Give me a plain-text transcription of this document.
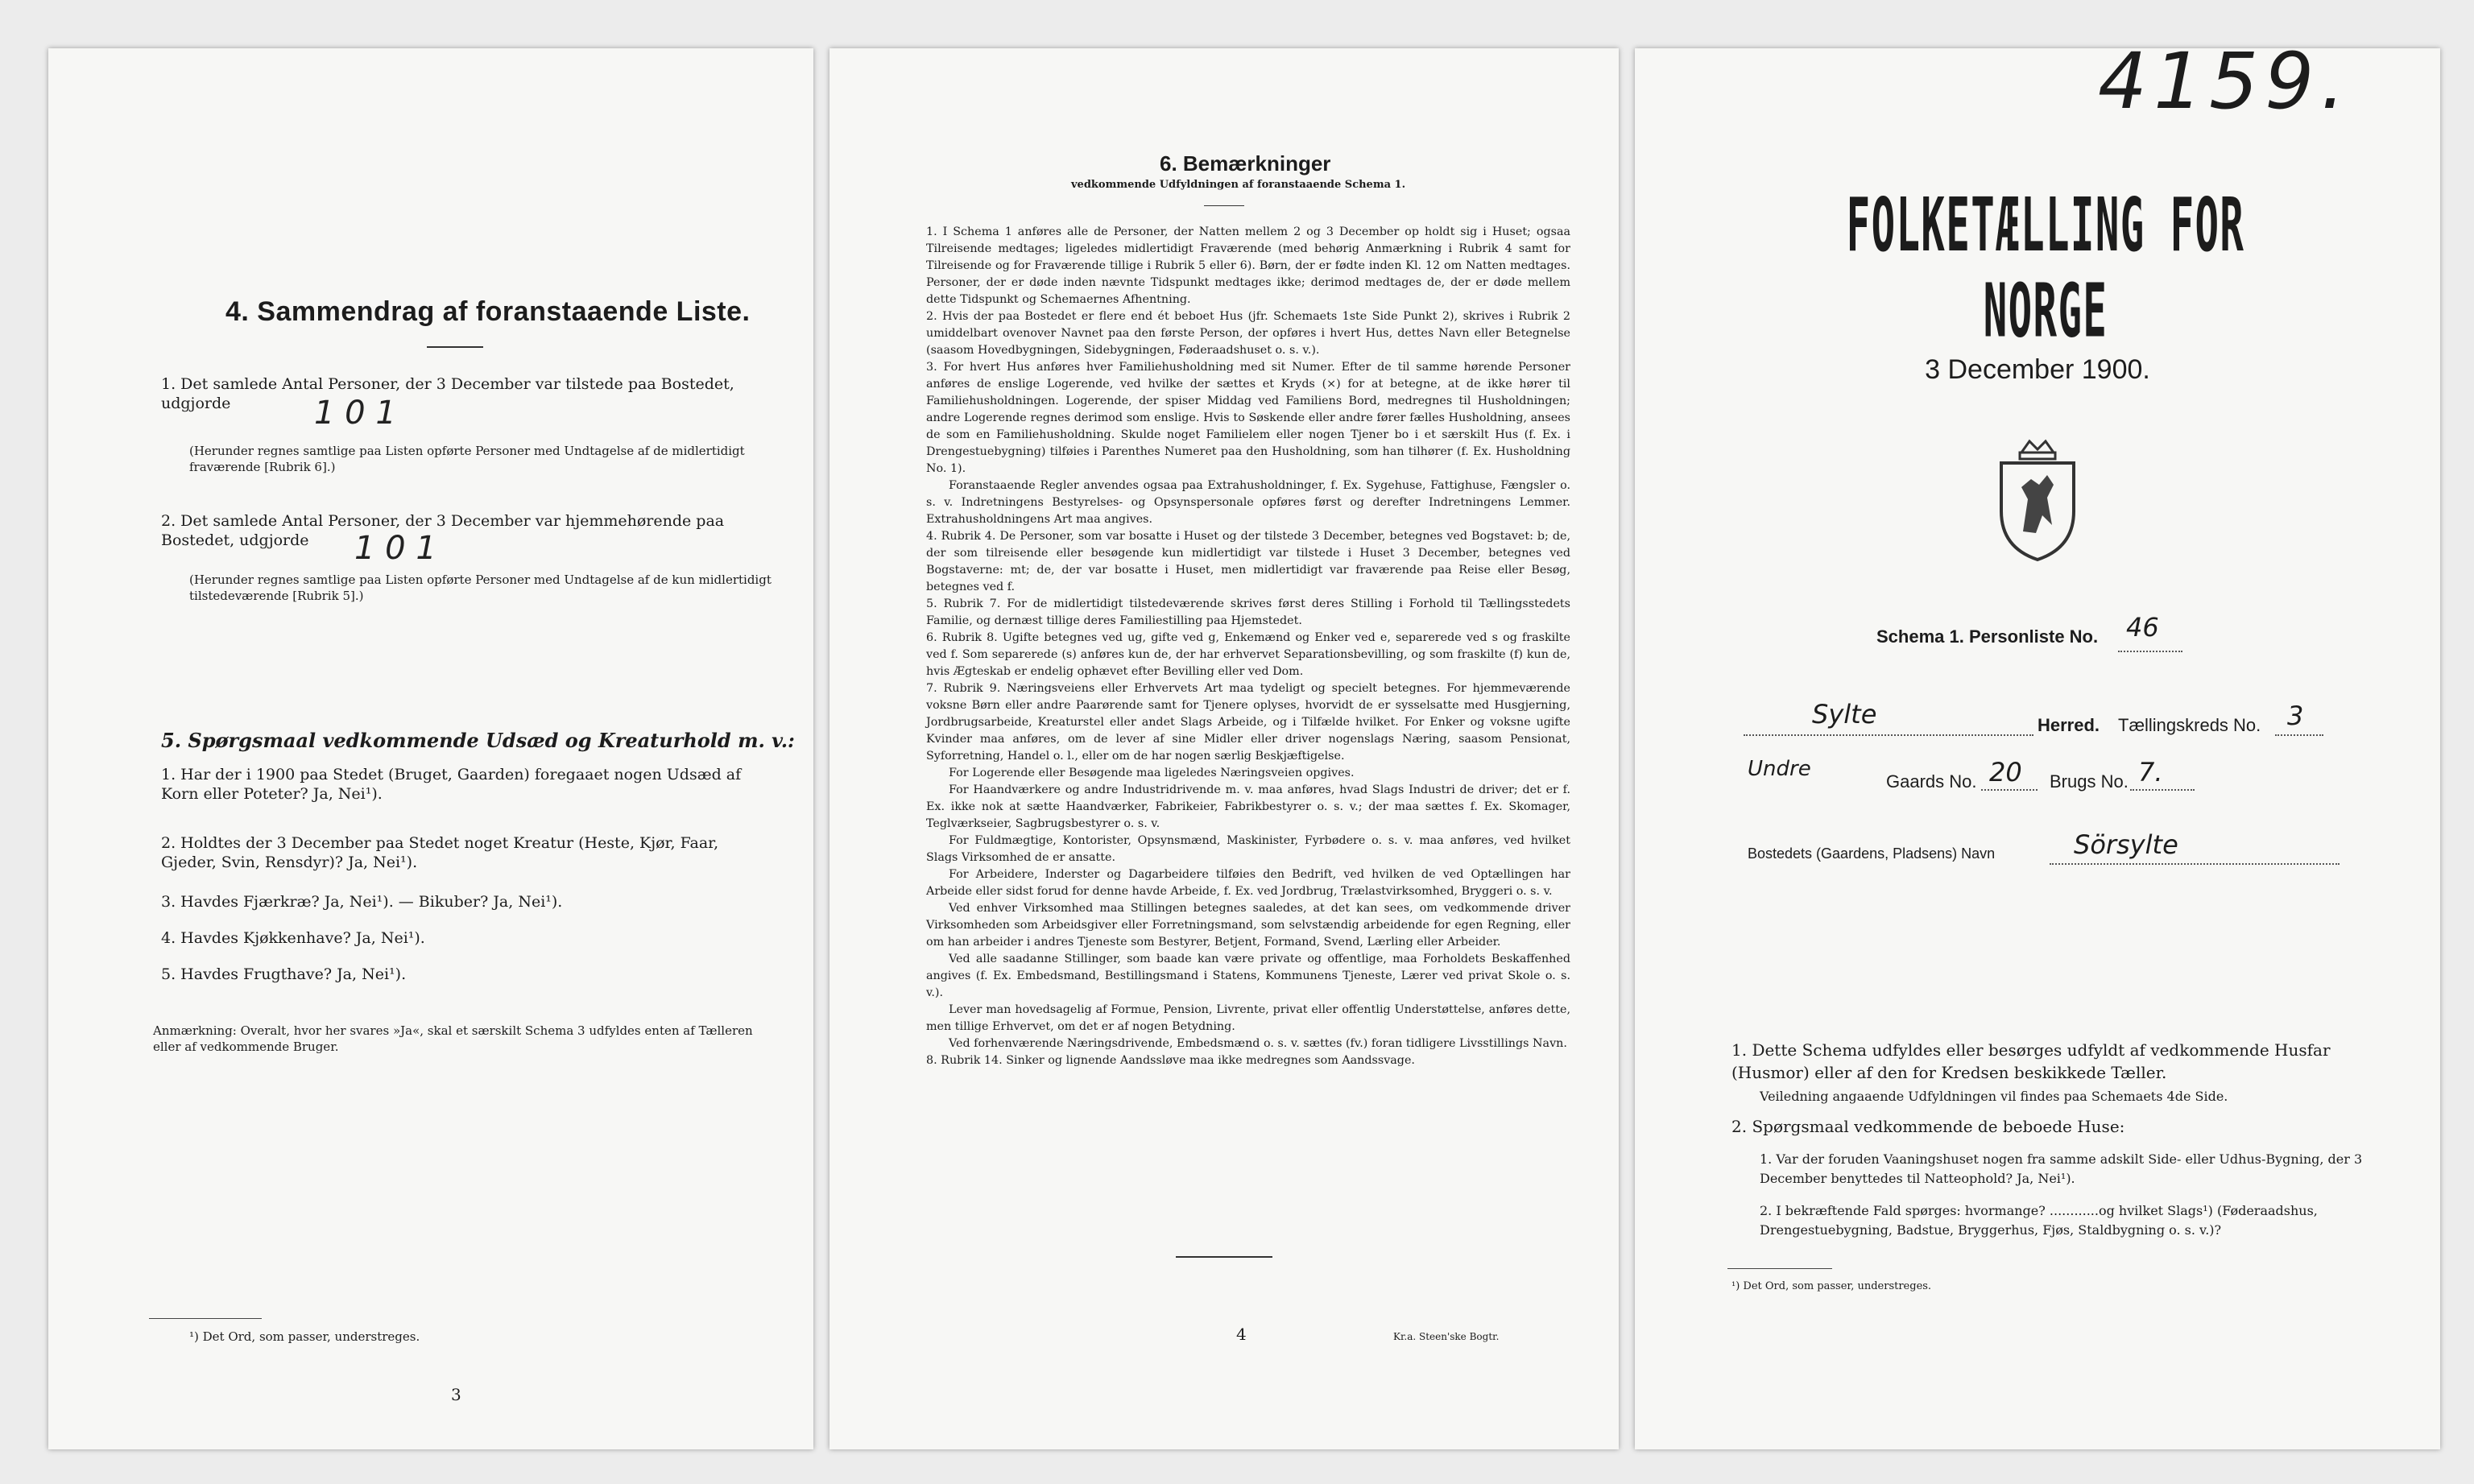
4. Sammendrag af foranstaaende Liste.
1. Det samlede Antal Personer, der 3 December var tilstede paa Bostedet, udgjorde	1 0 1
(Herunder regnes samtlige paa Listen opførte Personer med Undtagelse af de midlertidigt fraværende [Rubrik 6].)
2. Det samlede Antal Personer, der 3 December var hjemmehørende paa Bostedet, udgjorde	1 0 1
(Herunder regnes samtlige paa Listen opførte Personer med Undtagelse af de kun midlertidigt tilstedeværende [Rubrik 5].)
5. Spørgsmaal vedkommende Udsæd og Kreaturhold m. v.:
1. Har der i 1900 paa Stedet (Bruget, Gaarden) foregaaet nogen Udsæd af Korn eller Poteter? Ja, Nei¹).
2. Holdtes der 3 December paa Stedet noget Kreatur (Heste, Kjør, Faar, Gjeder, Svin, Rensdyr)? Ja, Nei¹).
3. Havdes Fjærkræ? Ja, Nei¹). — Bikuber? Ja, Nei¹).
4. Havdes Kjøkkenhave? Ja, Nei¹).
5. Havdes Frugthave? Ja, Nei¹).
Anmærkning: Overalt, hvor her svares »Ja«, skal et særskilt Schema 3 udfyldes enten af Tælleren eller af vedkommende Bruger.
¹) Det Ord, som passer, understreges.
3
6. Bemærkninger
vedkommende Udfyldningen af foranstaaende Schema 1.
1. I Schema 1 anføres alle de Personer, der Natten mellem 2 og 3 December op holdt sig i Huset; ogsaa Tilreisende medtages; ligeledes midlertidigt Fraværende (med behørig Anmærkning i Rubrik 4 samt for Tilreisende og for Fraværende tillige i Rubrik 5 eller 6). Børn, der er fødte inden Kl. 12 om Natten medtages. Personer, der er døde inden nævnte Tidspunkt medtages ikke; derimod medtages de, der er døde mellem dette Tidspunkt og Schemaernes Afhentning.
2. Hvis der paa Bostedet er flere end ét beboet Hus (jfr. Schemaets 1ste Side Punkt 2), skrives i Rubrik 2 umiddelbart ovenover Navnet paa den første Person, der opføres i hvert Hus, dettes Navn eller Betegnelse (saasom Hovedbygningen, Sidebygningen, Føderaadshuset o. s. v.).
3. For hvert Hus anføres hver Familiehusholdning med sit Numer. Efter de til samme hørende Personer anføres de enslige Logerende, ved hvilke der sættes et Kryds (×) for at betegne, at de ikke hører til Familiehusholdningen. Logerende, der spiser Middag ved Familiens Bord, medregnes til Husholdningen; andre Logerende regnes derimod som enslige. Hvis to Søskende eller andre fører fælles Husholdning, ansees de som en Familiehusholdning. Skulde noget Familielem eller nogen Tjener bo i et særskilt Hus (f. Ex. i Drengestuebygning) tilføies i Parenthes Numeret paa den Husholdning, som han tilhører (f. Ex. Husholdning No. 1).
Foranstaaende Regler anvendes ogsaa paa Extrahusholdninger, f. Ex. Sygehuse, Fattighuse, Fængsler o. s. v. Indretningens Bestyrelses- og Opsynspersonale opføres først og derefter Indretningens Lemmer. Extrahusholdningens Art maa angives.
4. Rubrik 4. De Personer, som var bosatte i Huset og der tilstede 3 December, betegnes ved Bogstavet: b; de, der som tilreisende eller besøgende kun midlertidigt var tilstede i Huset 3 December, betegnes ved Bogstaverne: mt; de, der var bosatte i Huset, men midlertidigt var fraværende paa Reise eller Besøg, betegnes ved f.
5. Rubrik 7. For de midlertidigt tilstedeværende skrives først deres Stilling i Forhold til Tællingsstedets Familie, og dernæst tillige deres Familiestilling paa Hjemstedet.
6. Rubrik 8. Ugifte betegnes ved ug, gifte ved g, Enkemænd og Enker ved e, separerede ved s og fraskilte ved f. Som separerede (s) anføres kun de, der har erhvervet Separationsbevilling, og som fraskilte (f) kun de, hvis Ægteskab er endelig ophævet efter Bevilling eller ved Dom.
7. Rubrik 9. Næringsveiens eller Erhvervets Art maa tydeligt og specielt betegnes. For hjemmeværende voksne Børn eller andre Paarørende samt for Tjenere oplyses, hvorvidt de er sysselsatte med Husgjerning, Jordbrugsarbeide, Kreaturstel eller andet Slags Arbeide, og i Tilfælde hvilket. For Enker og voksne ugifte Kvinder maa anføres, om de lever af sine Midler eller driver nogenslags Næring, saasom Pensionat, Syforretning, Handel o. l., eller om de har nogen særlig Beskjæftigelse.
For Logerende eller Besøgende maa ligeledes Næringsveien opgives.
For Haandværkere og andre Industridrivende m. v. maa anføres, hvad Slags Industri de driver; det er f. Ex. ikke nok at sætte Haandværker, Fabrikeier, Fabrikbestyrer o. s. v.; der maa sættes f. Ex. Skomager, Teglværkseier, Sagbrugsbestyrer o. s. v.
For Fuldmægtige, Kontorister, Opsynsmænd, Maskinister, Fyrbødere o. s. v. maa anføres, ved hvilket Slags Virksomhed de er ansatte.
For Arbeidere, Inderster og Dagarbeidere tilføies den Bedrift, ved hvilken de ved Optællingen har Arbeide eller sidst forud for denne havde Arbeide, f. Ex. ved Jordbrug, Trælastvirksomhed, Bryggeri o. s. v.
Ved enhver Virksomhed maa Stillingen betegnes saaledes, at det kan sees, om vedkommende driver Virksomheden som Arbeidsgiver eller Forretningsmand, som selvstændig arbeidende for egen Regning, eller om han arbeider i andres Tjeneste som Bestyrer, Betjent, Formand, Svend, Lærling eller Arbeider.
Ved alle saadanne Stillinger, som baade kan være private og offentlige, maa Forholdets Beskaffenhed angives (f. Ex. Embedsmand, Bestillingsmand i Statens, Kommunens Tjeneste, Lærer ved privat Skole o. s. v.).
Lever man hovedsagelig af Formue, Pension, Livrente, privat eller offentlig Understøttelse, anføres dette, men tillige Erhvervet, om det er af nogen Betydning.
Ved forhenværende Næringsdrivende, Embedsmænd o. s. v. sættes (fv.) foran tidligere Livsstillings Navn.
8. Rubrik 14. Sinker og lignende Aandssløve maa ikke medregnes som Aandssvage.
4	Kr.a. Steen'ske Bogtr.
FOLKETÆLLING FOR NORGE
3 December 1900.
Schema 1. Personliste No. 46
Sylte	Herred. Tællingskreds No. 3
Undre
Gaards No. 20 Brugs No. 7.
Bostedets (Gaardens, Pladsens) Navn	Sörsylte
1. Dette Schema udfyldes eller besørges udfyldt af vedkommende Husfar (Husmor) eller af den for Kredsen beskikkede Tæller.
Veiledning angaaende Udfyldningen vil findes paa Schemaets 4de Side.
2. Spørgsmaal vedkommende de beboede Huse:
1. Var der foruden Vaaningshuset nogen fra samme adskilt Side- eller Udhus-Bygning, der 3 December benyttedes til Natteophold? Ja, Nei¹).
2. I bekræftende Fald spørges: hvormange? ............og hvilket Slags¹) (Føderaadshus, Drengestuebygning, Badstue, Bryggerhus, Fjøs, Staldbygning o. s. v.)?
¹) Det Ord, som passer, understreges.
4159.
